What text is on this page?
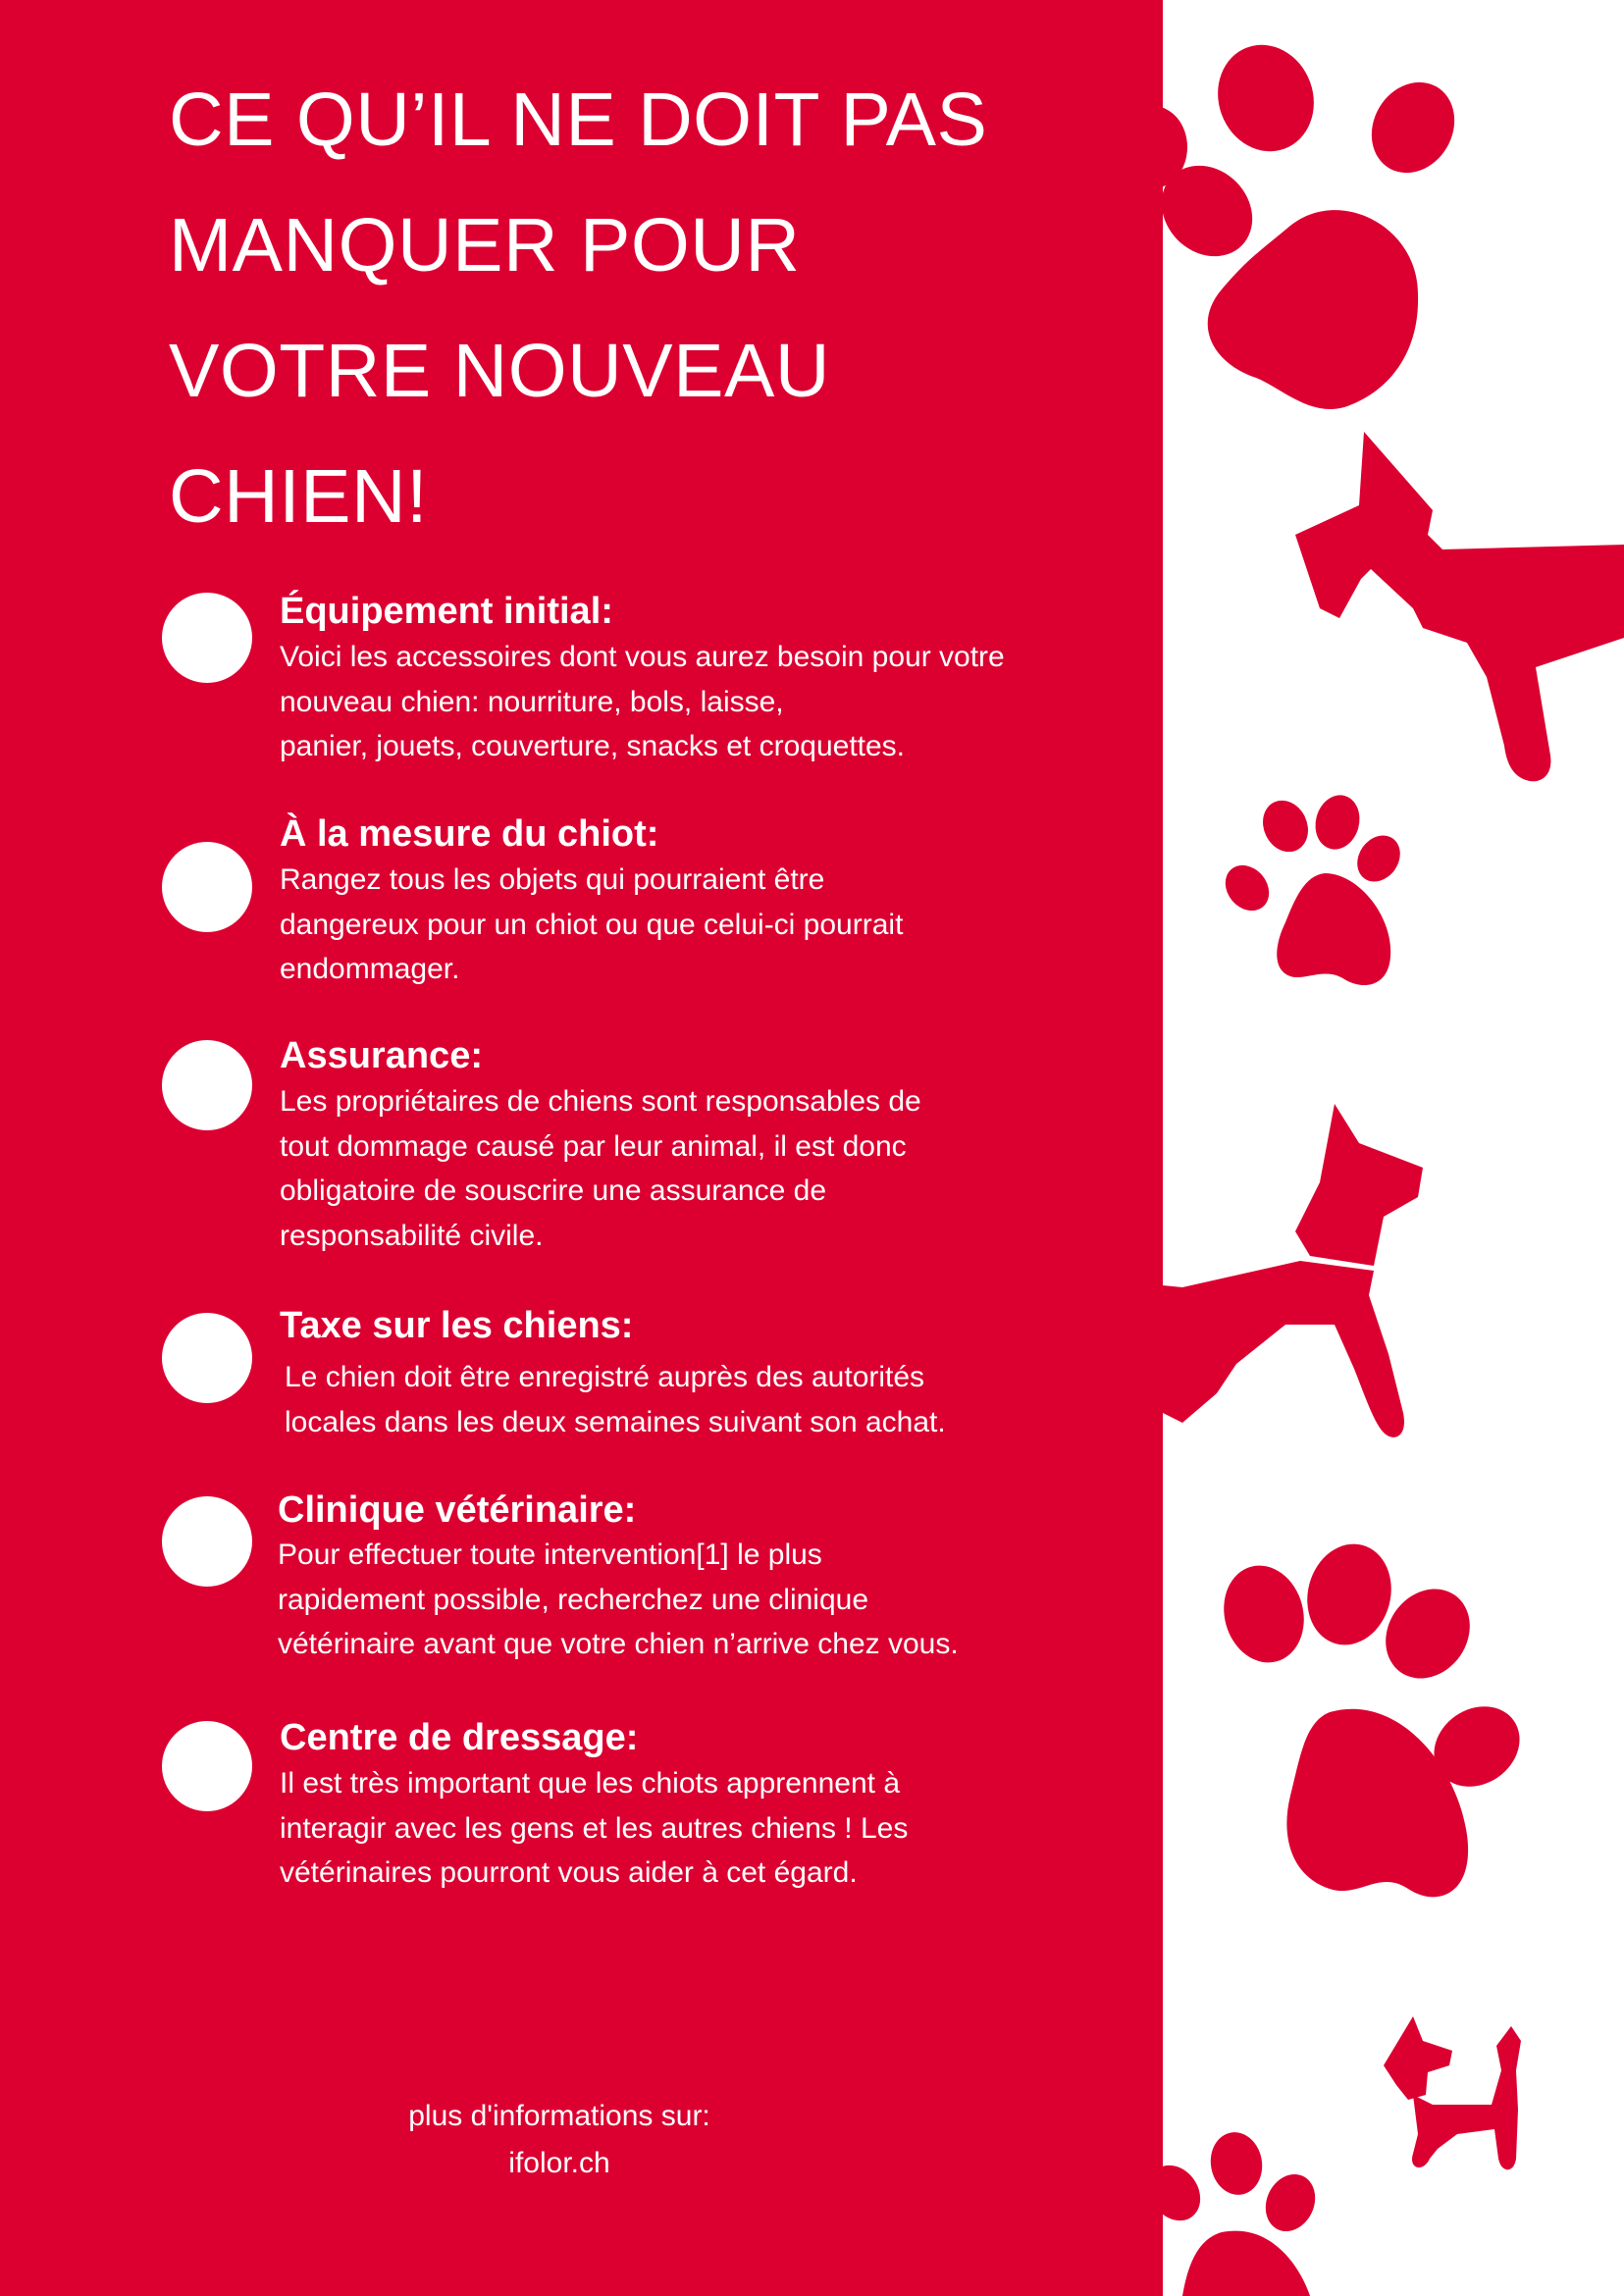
CE QU’IL NE DOIT PAS
MANQUER POUR
VOTRE NOUVEAU
CHIEN!
Équipement initial:

Voici les accessoires dont vous aurez besoin pour votre
nouveau chien: nourriture, bols, laisse,
panier, jouets, couverture, snacks et croquettes.

À la mesure du chiot:

Rangez tous les objets qui pourraient être
dangereux pour un chiot ou que celui-ci pourrait
endommager.

Assurance:

Les propriétaires de chiens sont responsables de
tout dommage causé par leur animal, il est donc
obligatoire de souscrire une assurance de
responsabilité civile.

Taxe sur les chiens:

Le chien doit être enregistré auprès des autorités
locales dans les deux semaines suivant son achat.

Clinique vétérinaire:

Pour effectuer toute intervention[1] le plus
rapidement possible, recherchez une clinique
vétérinaire avant que votre chien n’arrive chez vous.

Centre de dressage:

Il est très important que les chiots apprennent à
interagir avec les gens et les autres chiens ! Les
vétérinaires pourront vous aider à cet égard.

plus d'informations sur:
ifolor.ch
